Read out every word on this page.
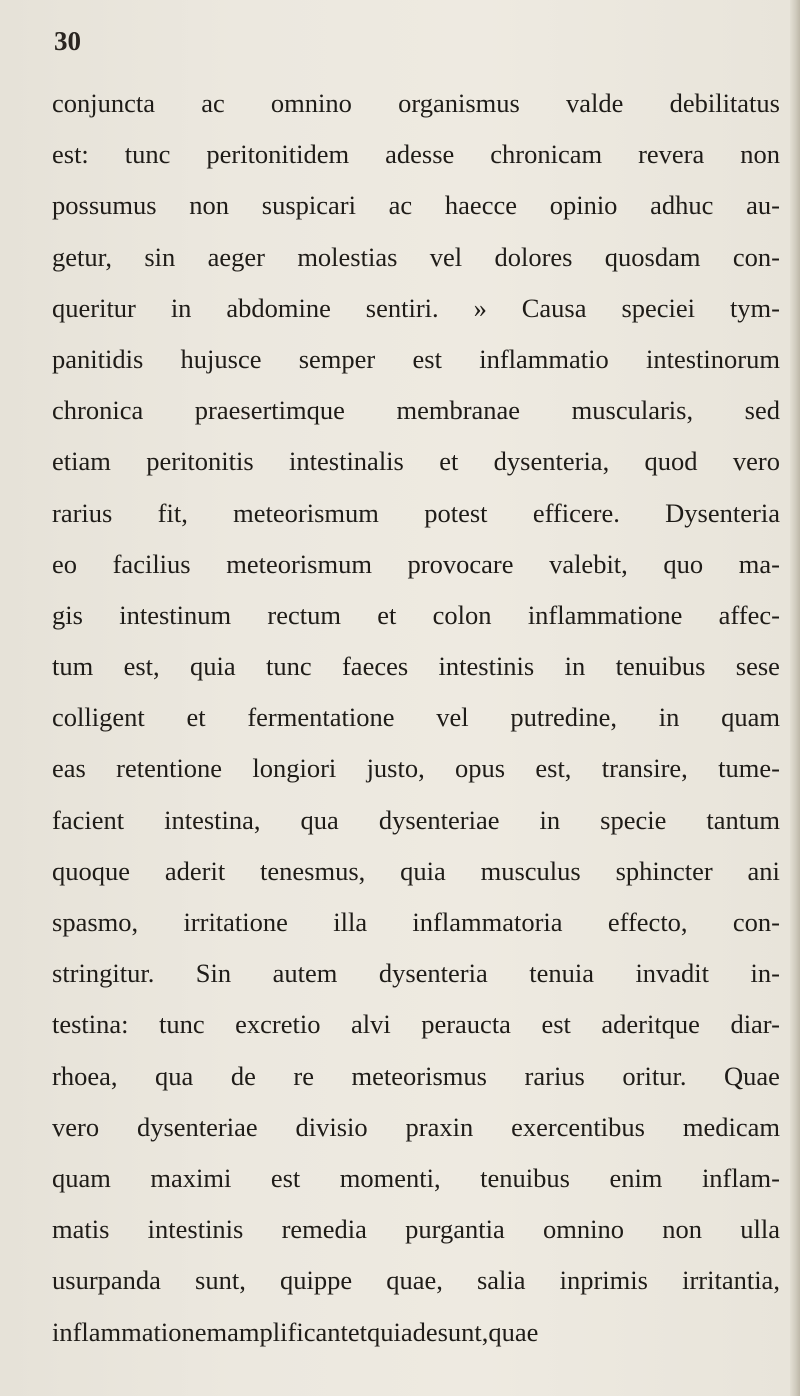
30
conjuncta ac omnino organismus valde debilitatus
est: tunc peritonitidem adesse chronicam revera non
possumus non suspicari ac haecce opinio adhuc au-
getur, sin aeger molestias vel dolores quosdam con-
queritur in abdomine sentiri. » Causa speciei tym-
panitidis hujusce semper est inflammatio intestinorum
chronica praesertimque membranae muscularis, sed
etiam peritonitis intestinalis et dysenteria, quod vero
rarius fit, meteorismum potest efficere. Dysenteria
eo facilius meteorismum provocare valebit, quo ma-
gis intestinum rectum et colon inflammatione affec-
tum est, quia tunc faeces intestinis in tenuibus sese
colligent et fermentatione vel putredine, in quam
eas retentione longiori justo, opus est, transire, tume-
facient intestina, qua dysenteriae in specie tantum
quoque aderit tenesmus, quia musculus sphincter ani
spasmo, irritatione illa inflammatoria effecto, con-
stringitur. Sin autem dysenteria tenuia invadit in-
testina: tunc excretio alvi peraucta est aderitque diar-
rhoea, qua de re meteorismus rarius oritur. Quae
vero dysenteriae divisio praxin exercentibus medicam
quam maximi est momenti, tenuibus enim inflam-
matis intestinis remedia purgantia omnino non ulla
usurpanda sunt, quippe quae, salia inprimis irritantia,
inflammationem amplificant et quia desunt, quae
